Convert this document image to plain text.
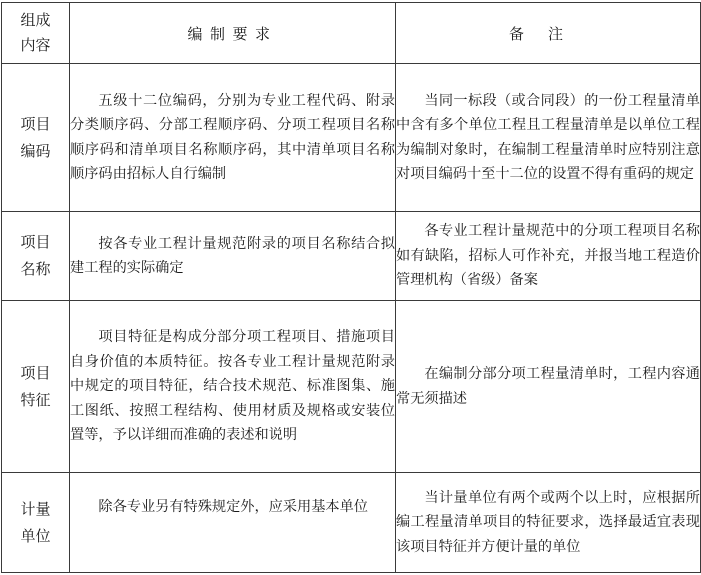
组成
内容	编制要求	备注
项目
编码	五级十二位编码，分别为专业工程代码、附录分类顺序码、分部工程顺序码、分项工程项目名称顺序码和清单项目名称顺序码，其中清单项目名称顺序码由招标人自行编制	当同一标段（或合同段）的一份工程量清单中含有多个单位工程且工程量清单是以单位工程为编制对象时，在编制工程量清单时应特别注意对项目编码十至十二位的设置不得有重码的规定

项目
名称	按各专业工程计量规范附录的项目名称结合拟建工程的实际确定	各专业工程计量规范中的分项工程项目名称如有缺陷，招标人可作补充，并报当地工程造价管理机构（省级）备案

项目
特征	项目特征是构成分部分项工程项目、措施项目自身价值的本质特征。按各专业工程计量规范附录中规定的项目特征，结合技术规范、标准图集、施工图纸、按照工程结构、使用材质及规格或安装位置等，予以详细而准确的表述和说明	在编制分部分项工程量清单时，工程内容通常无须描述

计量
单位	除各专业另有特殊规定外，应采用基本单位	当计量单位有两个或两个以上时，应根据所编工程量清单项目的特征要求，选择最适宜表现该项目特征并方便计量的单位
